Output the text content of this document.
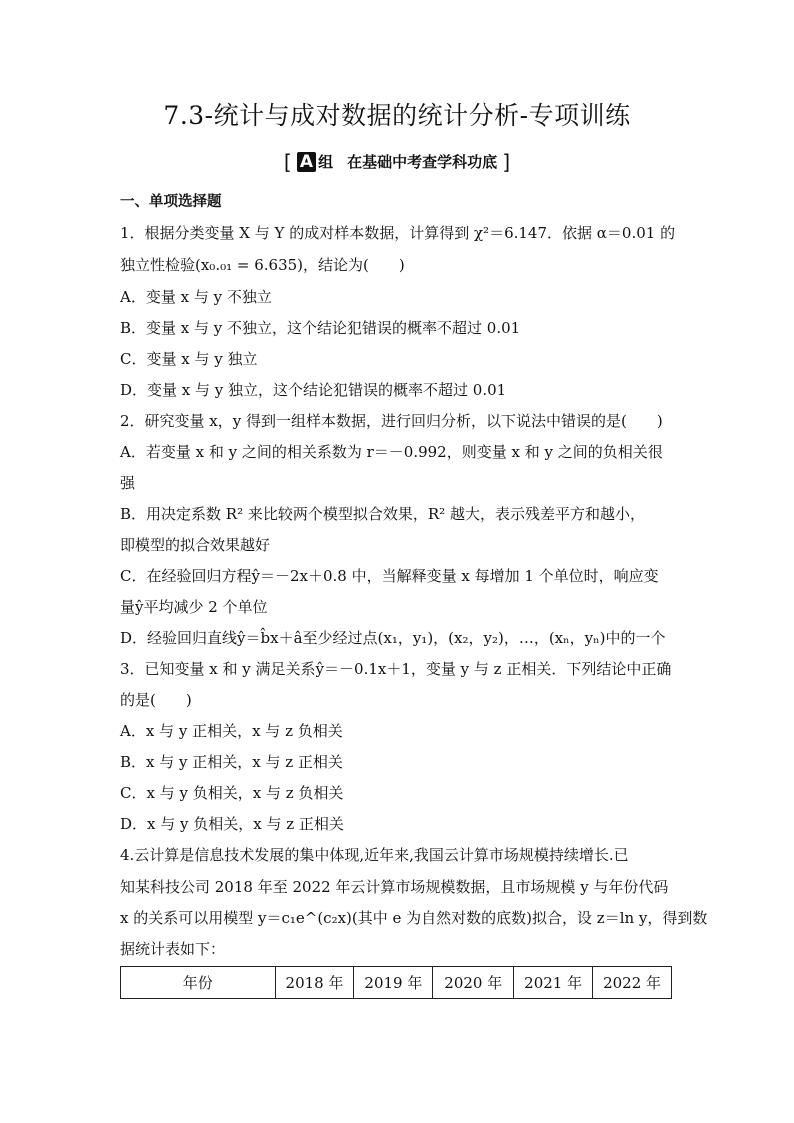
7.3-统计与成对数据的统计分析-专项训练
[ A 组 在基础中考查学科功底 ]
一、单项选择题
1．根据分类变量 X 与 Y 的成对样本数据，计算得到 χ²＝6.147．依据 α＝0.01 的
独立性检验(x₀.₀₁ = 6.635)，结论为(　　)
A．变量 x 与 y 不独立
B．变量 x 与 y 不独立，这个结论犯错误的概率不超过 0.01
C．变量 x 与 y 独立
D．变量 x 与 y 独立，这个结论犯错误的概率不超过 0.01
2．研究变量 x，y 得到一组样本数据，进行回归分析，以下说法中错误的是(　　)
A．若变量 x 和 y 之间的相关系数为 r＝－0.992，则变量 x 和 y 之间的负相关很
强
B．用决定系数 R² 来比较两个模型拟合效果，R² 越大，表示残差平方和越小，
即模型的拟合效果越好
C．在经验回归方程ŷ＝－2x＋0.8 中，当解释变量 x 每增加 1 个单位时，响应变
量ŷ平均减少 2 个单位
D．经验回归直线ŷ＝b̂x＋â至少经过点(x₁，y₁)，(x₂，y₂)，…，(xₙ，yₙ)中的一个
3．已知变量 x 和 y 满足关系ŷ＝－0.1x＋1，变量 y 与 z 正相关．下列结论中正确
的是(　　)
A．x 与 y 正相关，x 与 z 负相关
B．x 与 y 正相关，x 与 z 正相关
C．x 与 y 负相关，x 与 z 负相关
D．x 与 y 负相关，x 与 z 正相关
4.云计算是信息技术发展的集中体现,近年来,我国云计算市场规模持续增长.已
知某科技公司 2018 年至 2022 年云计算市场规模数据，且市场规模 y 与年份代码
x 的关系可以用模型 y＝c₁e^(c₂x)(其中 e 为自然对数的底数)拟合，设 z＝ln y，得到数
据统计表如下：
年份	2018 年	2019 年	2020 年	2021 年	2022 年
